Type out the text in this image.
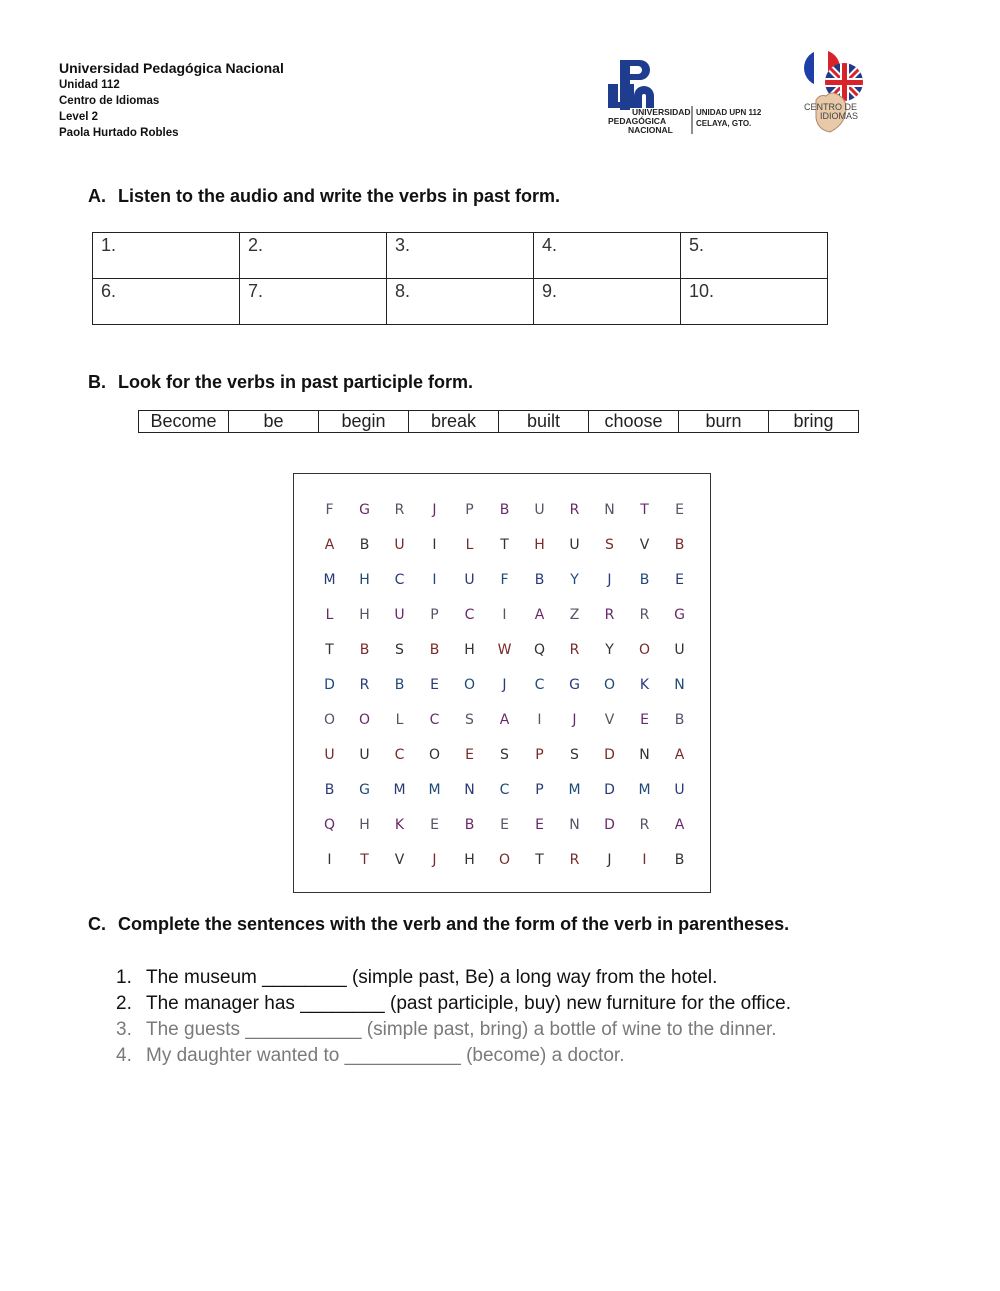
Universidad Pedagógica Nacional
Unidad 112
Centro de Idiomas
Level 2
Paola Hurtado Robles
UNIVERSIDAD
PEDAGÓGICA
NACIONAL
UNIDAD UPN 112
CELAYA, GTO.
CENTRO DE
IDIOMAS
A. Listen to the audio and write the verbs in past form.
1.	2.	3.	4.	5.
6.	7.	8.	9.	10.
B. Look for the verbs in past participle form.
Become	be	begin	break	built	choose	burn	bring
F	G	R	J	P	B	U	R	N	T	E
A	B	U	I	L	T	H	U	S	V	B
M	H	C	I	U	F	B	Y	J	B	E
L	H	U	P	C	I	A	Z	R	R	G
T	B	S	B	H	W	Q	R	Y	O	U
D	R	B	E	O	J	C	G	O	K	N
O	O	L	C	S	A	I	J	V	E	B
U	U	C	O	E	S	P	S	D	N	A
B	G	M	M	N	C	P	M	D	M	U
Q	H	K	E	B	E	E	N	D	R	A
I	T	V	J	H	O	T	R	J	I	B
C. Complete the sentences with the verb and the form of the verb in parentheses.
1. The museum ________ (simple past, Be) a long way from the hotel.
2. The manager has ________ (past participle, buy) new furniture for the office.
3. The guests ___________ (simple past, bring) a bottle of wine to the dinner.
4. My daughter wanted to ___________ (become) a doctor.
